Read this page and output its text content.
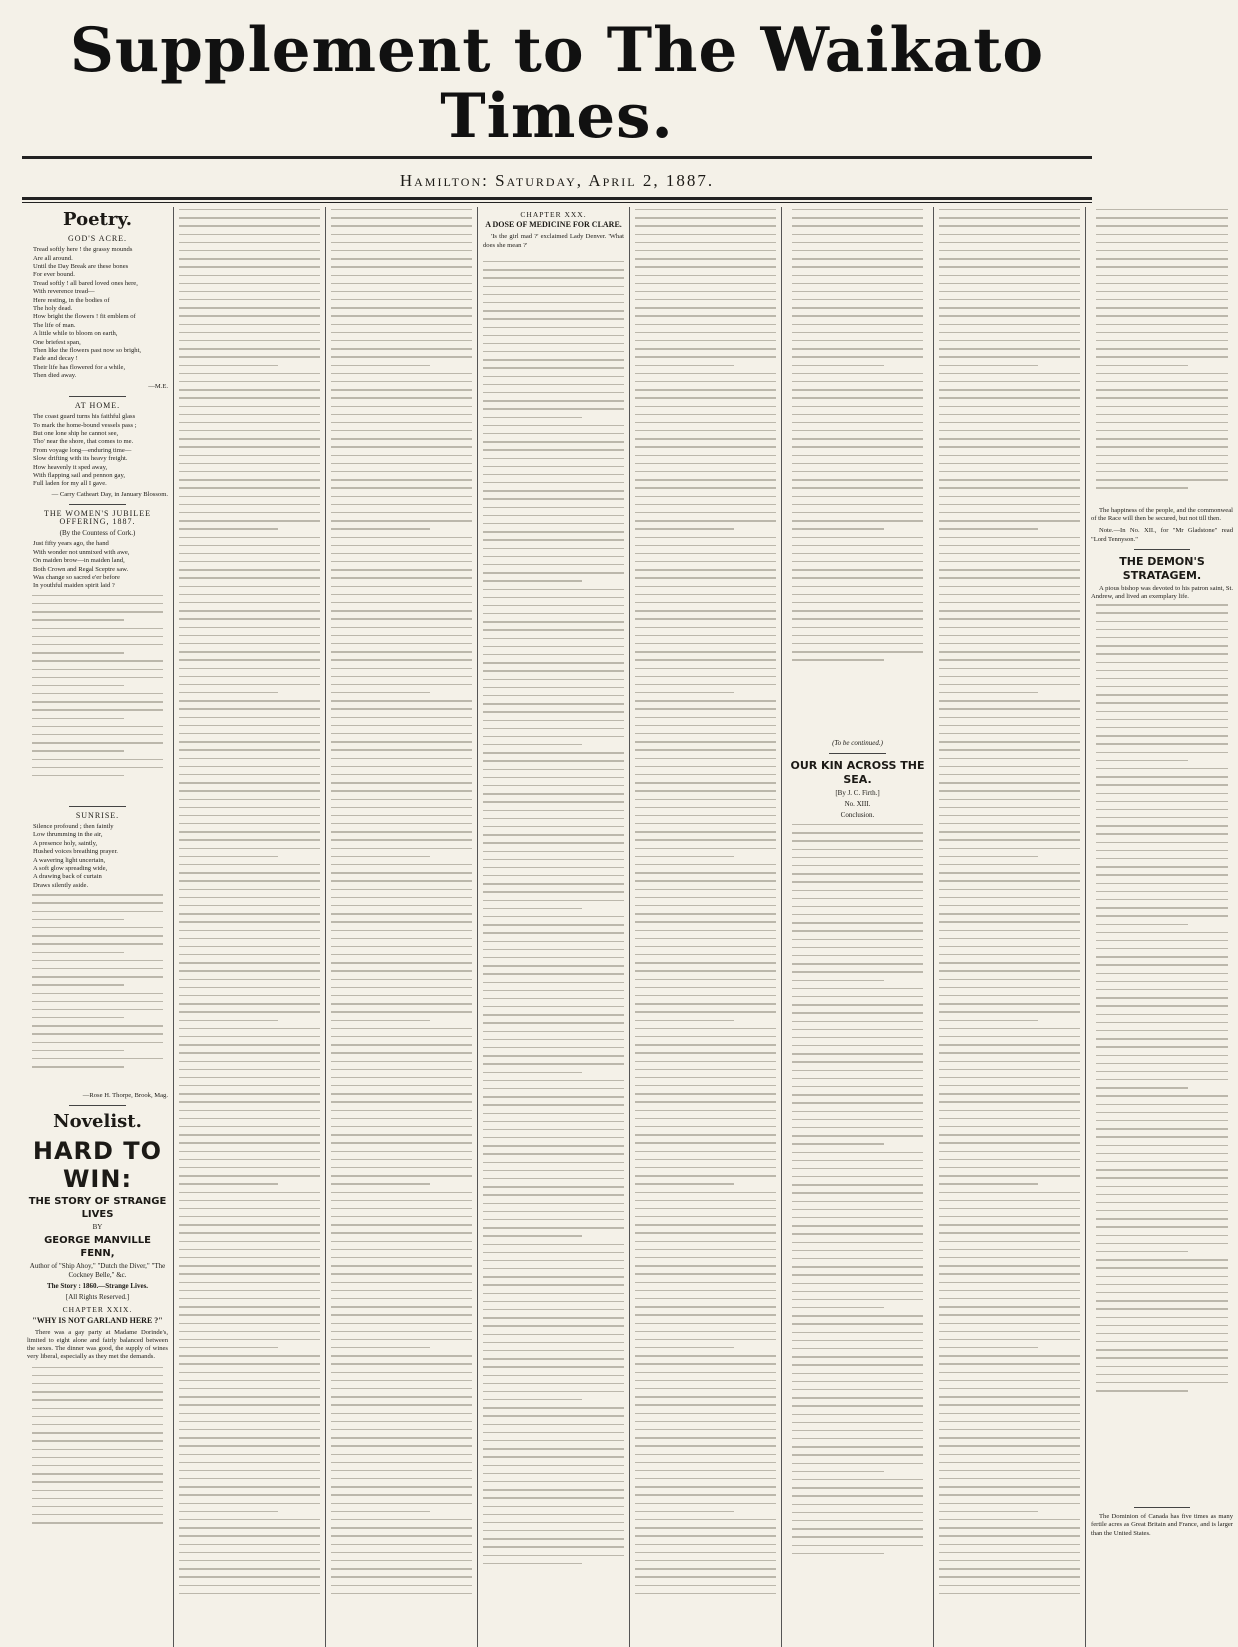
Supplement to The Waikato Times.
Hamilton: Saturday, April 2, 1887.
Poetry.
GOD'S ACRE.

Tread softly here ! the grassy mounds

Are all around.

Until the Day Break are these bones

For ever bound.

Tread softly ! all bared loved ones here,

With reverence tread—

Here resting, in the bodies of

The holy dead.

How bright the flowers ! fit emblem of

The life of man.

A little while to bloom on earth,

One briefest span,

Then like the flowers past now so bright,

Fade and decay !

Their life has flowered for a while,

Then died away.

—M.E.
AT HOME.

The coast guard turns his faithful glass

To mark the home-bound vessels pass ;

But one lone ship he cannot see,

Tho' near the shore, that comes to me.

From voyage long—enduring time—

Slow drifting with its heavy freight.

How heavenly it sped away,

With flapping sail and pennon gay,

Full laden for my all I gave.

— Carry Catheart Day, in January Blossom.
THE WOMEN'S JUBILEE OFFERING, 1887.
(By the Countess of Cork.)

Just fifty years ago, the hand

With wonder not unmixed with awe,

On maiden brow—in maiden land,

Both Crown and Regal Sceptre saw.

Was change so sacred e'er before

In youthful maiden spirit laid ?

SUNRISE.

Silence profound ; then faintly

Low thrumming in the air,

A presence holy, saintly,

Hushed voices breathing prayer.

A wavering light uncertain,

A soft glow spreading wide,

A drawing back of curtain

Draws silently aside.

—Rose H. Thorpe, Brook, Mag.
Novelist.
HARD TO WIN:
THE STORY OF STRANGE LIVES
BY
GEORGE MANVILLE FENN,
Author of "Ship Ahoy," "Dutch the Diver," "The Cockney Belle," &c.
The Story : 1860.—Strange Lives.
[All Rights Reserved.]
CHAPTER XXIX.
"WHY IS NOT GARLAND HERE ?"

There was a gay party at Madame Dorinde's, limited to eight alone and fairly balanced between the sexes. The dinner was good, the supply of wines very liberal, especially as they met the demands.

CHAPTER XXX.
A DOSE OF MEDICINE FOR CLARE.

'Is the girl mad ?' exclaimed Lady Denver. 'What does she mean ?'

(To be continued.)
OUR KIN ACROSS THE SEA.
[By J. C. Firth.]
No. XIII.
Conclusion.

The happiness of the people, and the commonweal of the Race will then be secured, but not till then.

Note.—In No. XII., for "Mr Gladstone" read "Lord Tennyson."

THE DEMON'S STRATAGEM.

A pious bishop was devoted to his patron saint, St. Andrew, and lived an exemplary life.

The Dominion of Canada has five times as many fertile acres as Great Britain and France, and is larger than the United States.
